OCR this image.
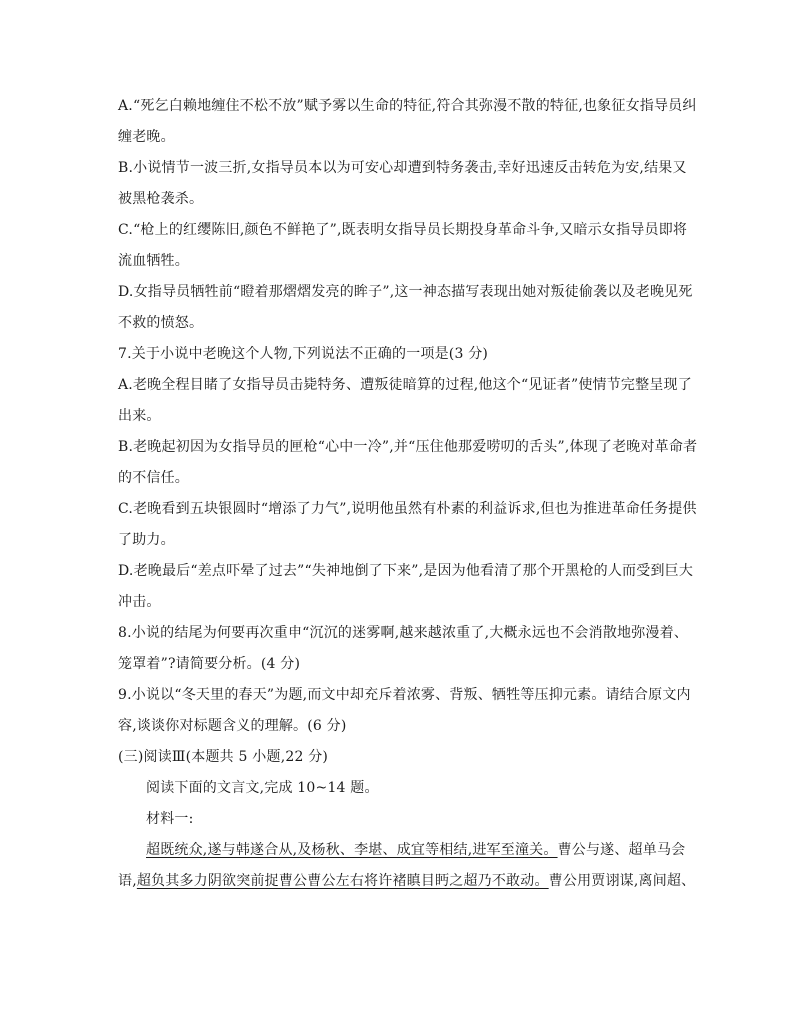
A.“死乞白赖地缠住不松不放”赋予雾以生命的特征,符合其弥漫不散的特征,也象征女指导员纠
缠老晚。
B.小说情节一波三折,女指导员本以为可安心却遭到特务袭击,幸好迅速反击转危为安,结果又
被黑枪袭杀。
C.“枪上的红缨陈旧,颜色不鲜艳了”,既表明女指导员长期投身革命斗争,又暗示女指导员即将
流血牺牲。
D.女指导员牺牲前“瞪着那熠熠发亮的眸子”,这一神态描写表现出她对叛徒偷袭以及老晚见死
不救的愤怒。
7.关于小说中老晚这个人物,下列说法不正确的一项是(3 分)
A.老晚全程目睹了女指导员击毙特务、遭叛徒暗算的过程,他这个“见证者”使情节完整呈现了
出来。
B.老晚起初因为女指导员的匣枪“心中一冷”,并“压住他那爱唠叨的舌头”,体现了老晚对革命者
的不信任。
C.老晚看到五块银圆时“增添了力气”,说明他虽然有朴素的利益诉求,但也为推进革命任务提供
了助力。
D.老晚最后“差点吓晕了过去”“失神地倒了下来”,是因为他看清了那个开黑枪的人而受到巨大
冲击。
8.小说的结尾为何要再次重申“沉沉的迷雾啊,越来越浓重了,大概永远也不会消散地弥漫着、
笼罩着”?请简要分析。(4 分)
9.小说以“冬天里的春天”为题,而文中却充斥着浓雾、背叛、牺牲等压抑元素。请结合原文内
容,谈谈你对标题含义的理解。(6 分)
(三)阅读Ⅲ(本题共 5 小题,22 分)
阅读下面的文言文,完成 10~14 题。
材料一:
超既统众,遂与韩遂合从,及杨秋、李堪、成宜等相结,进军至潼关。曹公与遂、超单马会
语,超负其多力阴欲突前捉曹公曹公左右将许褚瞋目眄之超乃不敢动。曹公用贾诩谋,离间超、
